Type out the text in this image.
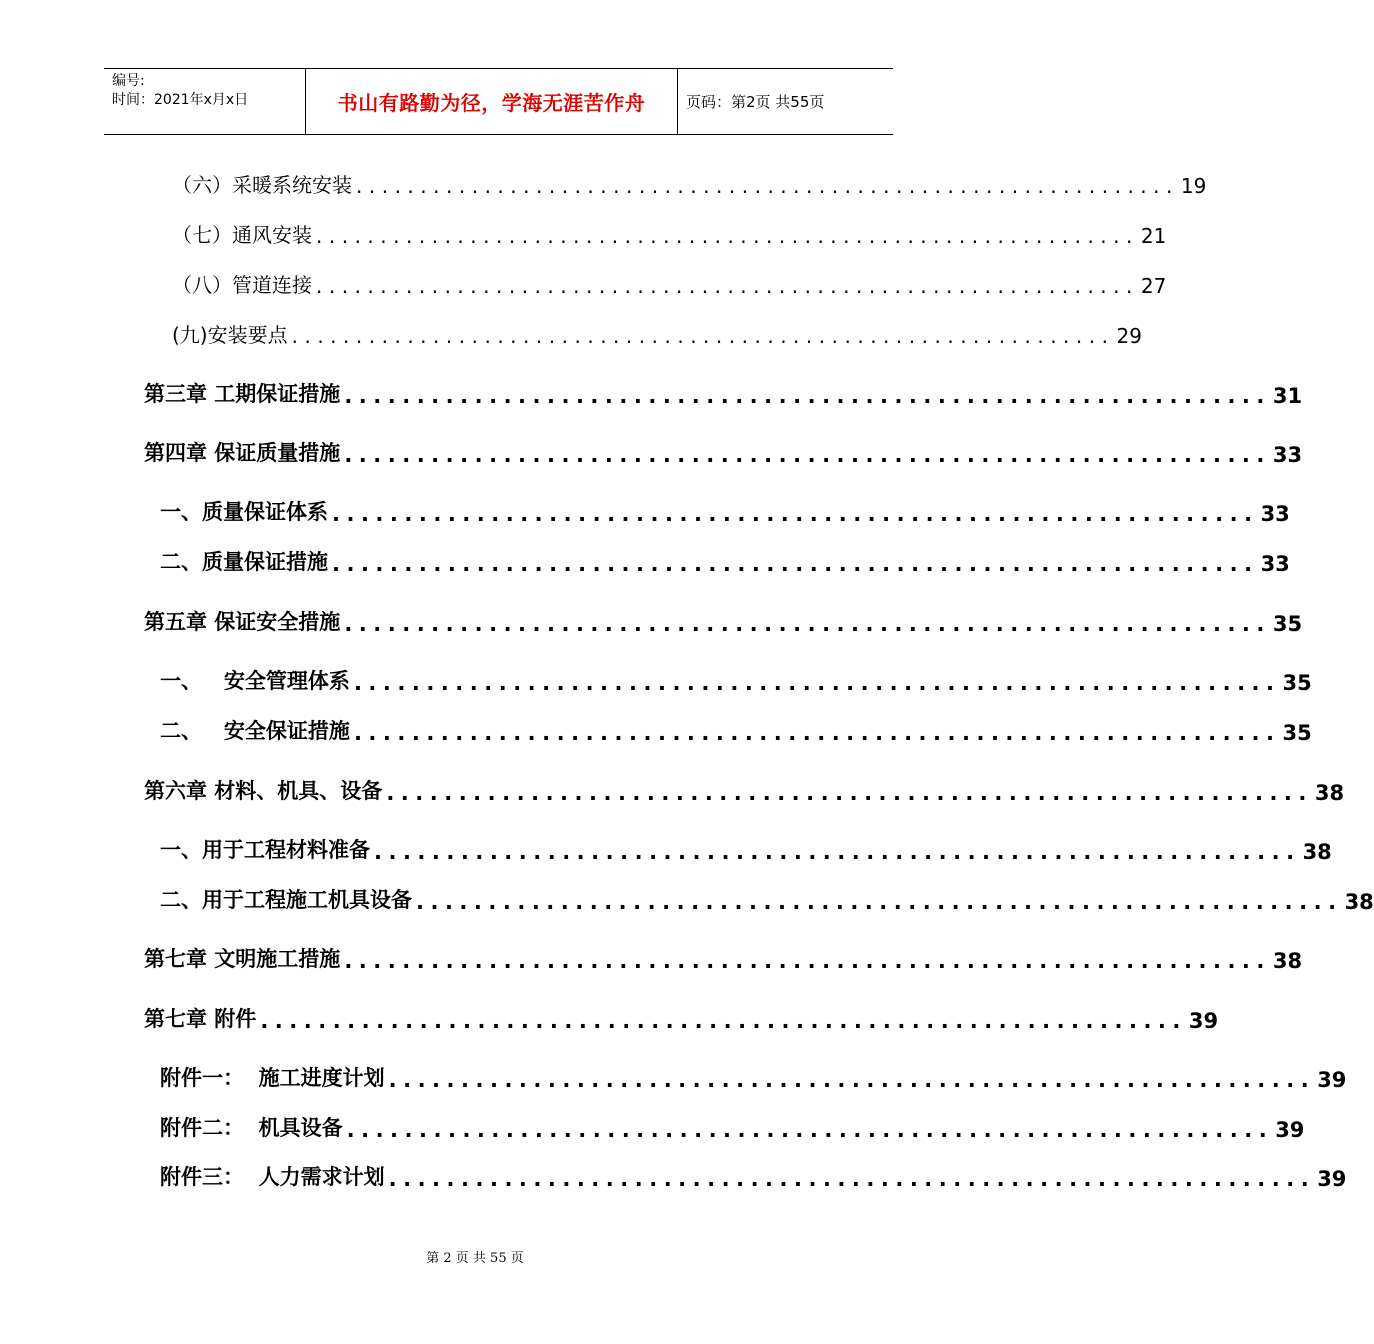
编号:
时间：2021年x月x日	书山有路勤为径，学海无涯苦作舟	页码：第2页 共55页
（六）采暖系统安装 ................................................................ 19
（七）通风安装 ................................................................ 21
（八）管道连接 ................................................................ 27
(九)安装要点 ................................................................ 29
第三章 工期保证措施 ................................................................ 31
第四章 保证质量措施 ................................................................ 33
一、质量保证体系 ................................................................ 33
二、质量保证措施 ................................................................ 33
第五章 保证安全措施 ................................................................ 35
一、   安全管理体系 ................................................................ 35
二、   安全保证措施 ................................................................ 35
第六章 材料、机具、设备 ................................................................ 38
一、用于工程材料准备 ................................................................ 38
二、用于工程施工机具设备 ................................................................ 38
第七章 文明施工措施 ................................................................ 38
第七章 附件 ................................................................ 39
附件一：  施工进度计划 ................................................................ 39
附件二：  机具设备 ................................................................ 39
附件三：  人力需求计划 ................................................................ 39
第 2 页 共 55 页
